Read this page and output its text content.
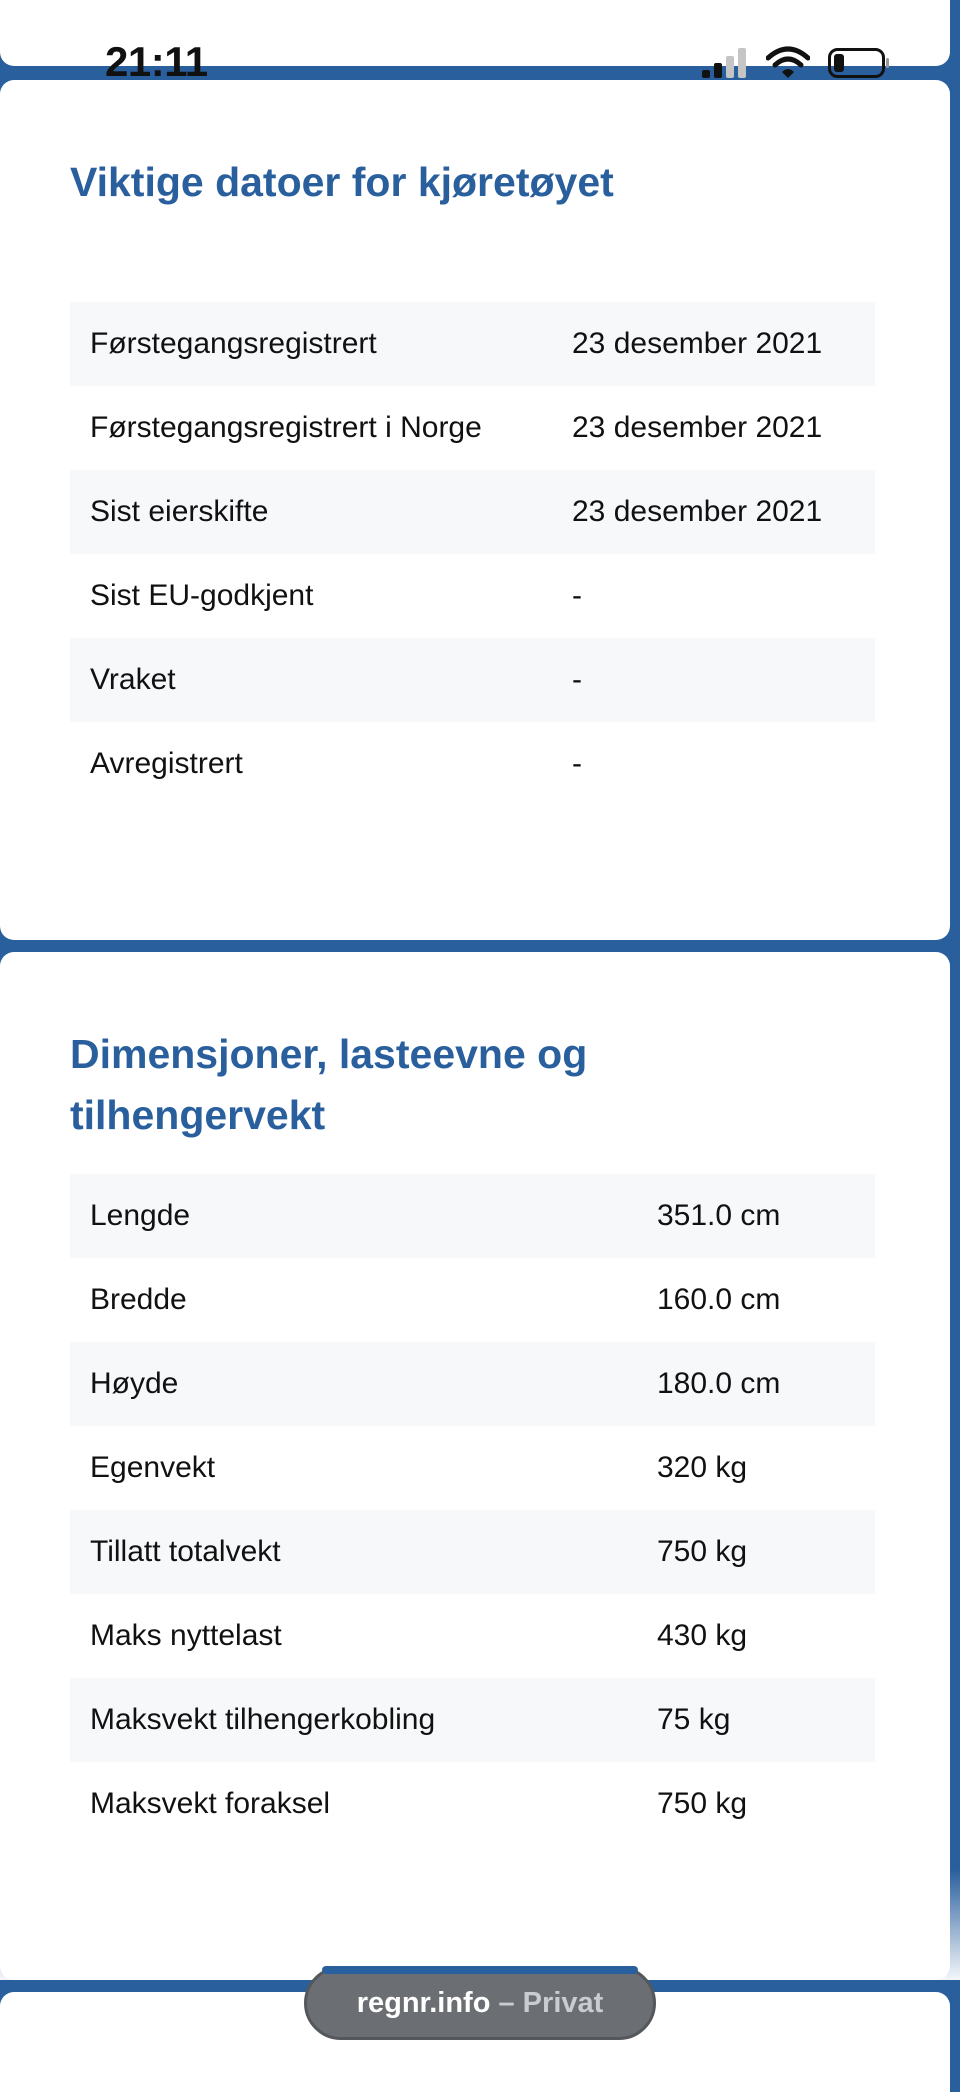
21:11
Viktige datoer for kjøretøyet
Førstegangsregistrert	23 desember 2021
Førstegangsregistrert i Norge	23 desember 2021
Sist eierskifte	23 desember 2021
Sist EU-godkjent	-
Vraket	-
Avregistrert	-
Dimensjoner, lasteevne og tilhengervekt
Lengde	351.0 cm
Bredde	160.0 cm
Høyde	180.0 cm
Egenvekt	320 kg
Tillatt totalvekt	750 kg
Maks nyttelast	430 kg
Maksvekt tilhengerkobling	75 kg
Maksvekt foraksel	750 kg
regnr.info – Privat
